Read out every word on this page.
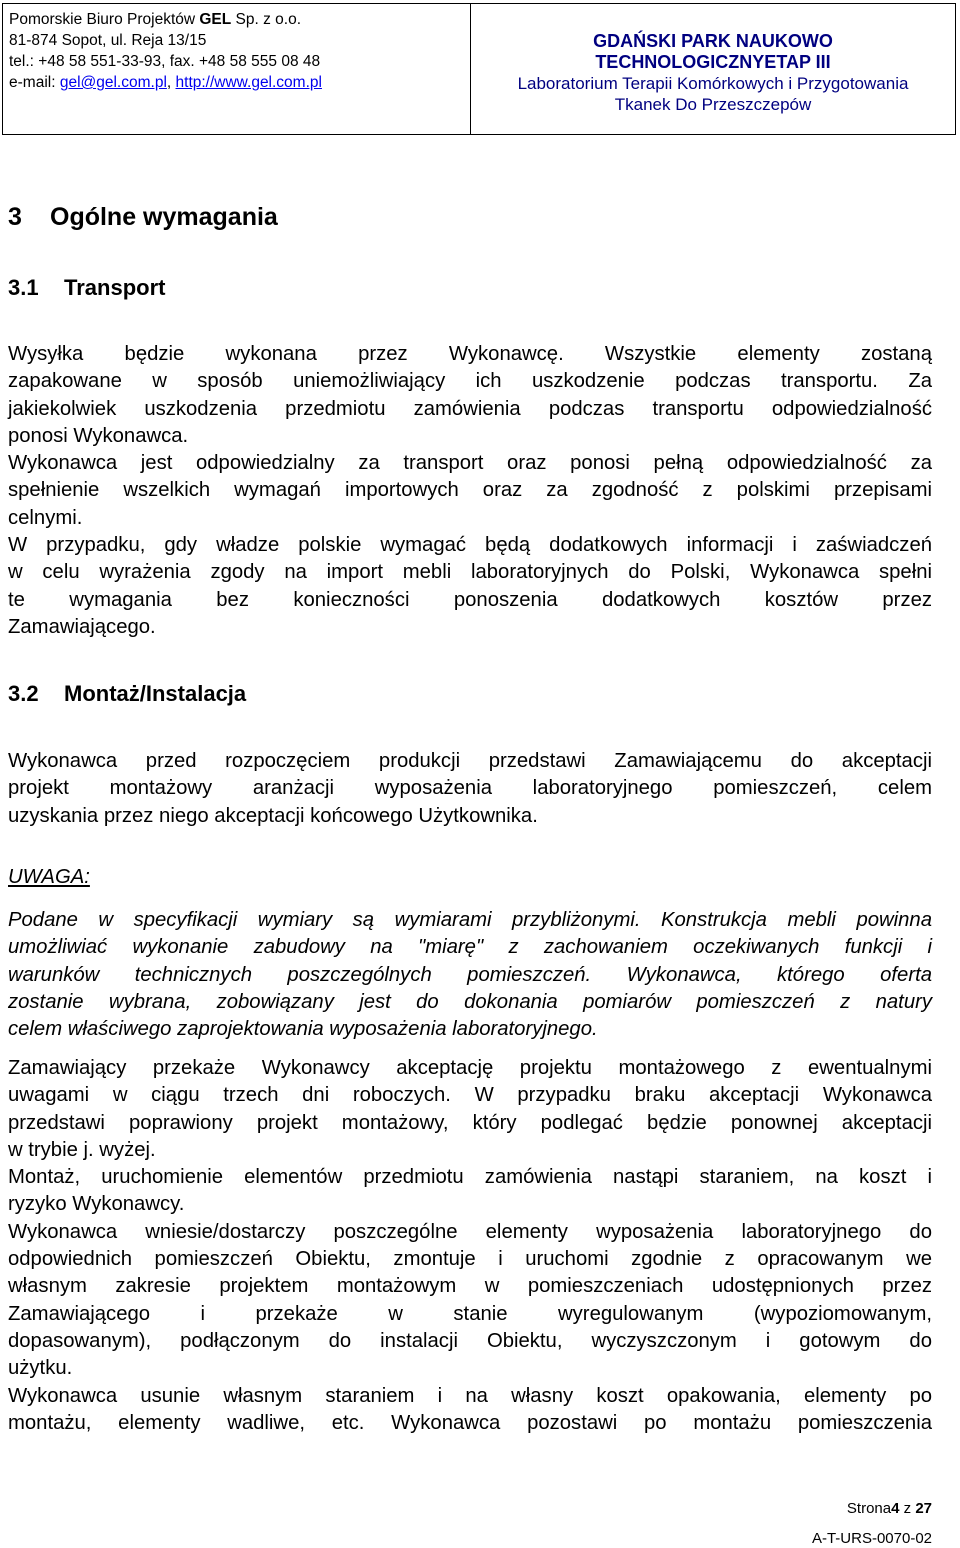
Pomorskie Biuro Projektów GEL Sp. z o.o.
81-874 Sopot, ul. Reja 13/15
tel.: +48 58 551-33-93, fax. +48 58 555 08 48
e-mail: gel@gel.com.pl, http://www.gel.com.pl
GDAŃSKI PARK NAUKOWO
TECHNOLOGICZNYETAP III
Laboratorium Terapii Komórkowych i Przygotowania
Tkanek Do Przeszczepów
3 Ogólne wymagania
3.1 Transport
Wysyłka będzie wykonana przez Wykonawcę. Wszystkie elementy zostaną
zapakowane w sposób uniemożliwiający ich uszkodzenie podczas transportu. Za
jakiekolwiek uszkodzenia przedmiotu zamówienia podczas transportu odpowiedzialność
ponosi Wykonawca.
Wykonawca jest odpowiedzialny za transport oraz ponosi pełną odpowiedzialność za
spełnienie wszelkich wymagań importowych oraz za zgodność z polskimi przepisami
celnymi.
W przypadku, gdy władze polskie wymagać będą dodatkowych informacji i zaświadczeń
w celu wyrażenia zgody na import mebli laboratoryjnych do Polski, Wykonawca spełni
te wymagania bez konieczności ponoszenia dodatkowych kosztów przez
Zamawiającego.
3.2 Montaż/Instalacja
Wykonawca przed rozpoczęciem produkcji przedstawi Zamawiającemu do akceptacji
projekt montażowy aranżacji wyposażenia laboratoryjnego pomieszczeń, celem
uzyskania przez niego akceptacji końcowego Użytkownika.
UWAGA:
Podane w specyfikacji wymiary są wymiarami przybliżonymi. Konstrukcja mebli powinna
umożliwiać wykonanie zabudowy na "miarę" z zachowaniem oczekiwanych funkcji i
warunków technicznych poszczególnych pomieszczeń. Wykonawca, którego oferta
zostanie wybrana, zobowiązany jest do dokonania pomiarów pomieszczeń z natury
celem właściwego zaprojektowania wyposażenia laboratoryjnego.
Zamawiający przekaże Wykonawcy akceptację projektu montażowego z ewentualnymi
uwagami w ciągu trzech dni roboczych. W przypadku braku akceptacji Wykonawca
przedstawi poprawiony projekt montażowy, który podlegać będzie ponownej akceptacji
w trybie j. wyżej.
Montaż, uruchomienie elementów przedmiotu zamówienia nastąpi staraniem, na koszt i
ryzyko Wykonawcy.
Wykonawca wniesie/dostarczy poszczególne elementy wyposażenia laboratoryjnego do
odpowiednich pomieszczeń Obiektu, zmontuje i uruchomi zgodnie z opracowanym we
własnym zakresie projektem montażowym w pomieszczeniach udostępnionych przez
Zamawiającego i przekaże w stanie wyregulowanym (wypoziomowanym,
dopasowanym), podłączonym do instalacji Obiektu, wyczyszczonym i gotowym do
użytku.
Wykonawca usunie własnym staraniem i na własny koszt opakowania, elementy po
montażu, elementy wadliwe, etc. Wykonawca pozostawi po montażu pomieszczenia
Strona4 z 27
A-T-URS-0070-02
